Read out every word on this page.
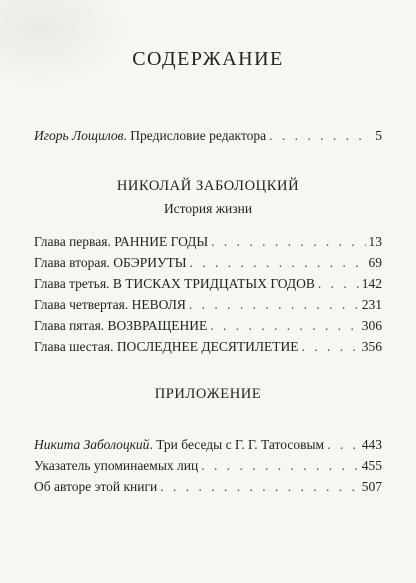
СОДЕРЖАНИЕ
Игорь Лощилов. Предисловие редактора . . .	5
НИКОЛАЙ ЗАБОЛОЦКИЙ
История жизни
Глава первая. РАННИЕ ГОДЫ . . .	13
Глава вторая. ОБЭРИУТЫ . . .	69
Глава третья. В ТИСКАХ ТРИДЦАТЫХ ГОДОВ . . .	142
Глава четвертая. НЕВОЛЯ . . .	231
Глава пятая. ВОЗВРАЩЕНИЕ . . .	306
Глава шестая. ПОСЛЕДНЕЕ ДЕСЯТИЛЕТИЕ . . .	356
ПРИЛОЖЕНИЕ
Никита Заболоцкий. Три беседы с Г. Г. Татосовым . . .	443
Указатель упоминаемых лиц . . .	455
Об авторе этой книги . . .	507
